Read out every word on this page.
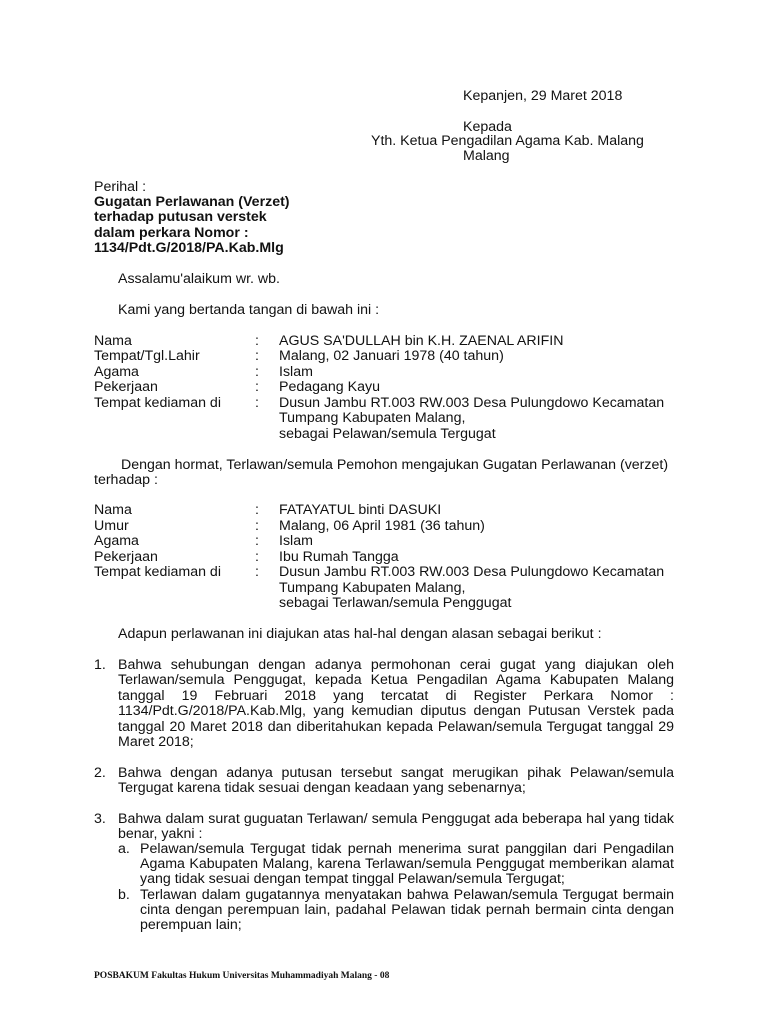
Kepanjen, 29 Maret 2018
Kepada
Yth. Ketua Pengadilan Agama Kab. Malang
Malang
Perihal :
Gugatan Perlawanan (Verzet)
terhadap putusan verstek
dalam perkara Nomor :
1134/Pdt.G/2018/PA.Kab.Mlg
Assalamu'alaikum wr. wb.
Kami yang bertanda tangan di bawah ini :
Nama	: AGUS SA'DULLAH bin K.H. ZAENAL ARIFIN
Tempat/Tgl.Lahir	: Malang, 02 Januari 1978 (40 tahun)
Agama	: Islam
Pekerjaan	: Pedagang Kayu
Tempat kediaman di : Dusun Jambu RT.003 RW.003 Desa Pulungdowo Kecamatan
Tumpang Kabupaten Malang,
sebagai Pelawan/semula Tergugat
Dengan hormat, Terlawan/semula Pemohon mengajukan Gugatan Perlawanan (verzet)
terhadap :
Nama	: FATAYATUL binti DASUKI
Umur	: Malang, 06 April 1981 (36 tahun)
Agama	: Islam
Pekerjaan	: Ibu Rumah Tangga
Tempat kediaman di : Dusun Jambu RT.003 RW.003 Desa Pulungdowo Kecamatan
Tumpang Kabupaten Malang,
sebagai Terlawan/semula Penggugat
Adapun perlawanan ini diajukan atas hal-hal dengan alasan sebagai berikut :
1. Bahwa sehubungan dengan adanya permohonan cerai gugat yang diajukan oleh
Terlawan/semula Penggugat, kepada Ketua Pengadilan Agama Kabupaten Malang
tanggal 19 Februari 2018 yang tercatat di Register Perkara Nomor :
1134/Pdt.G/2018/PA.Kab.Mlg, yang kemudian diputus dengan Putusan Verstek pada
tanggal 20 Maret 2018 dan diberitahukan kepada Pelawan/semula Tergugat tanggal 29
Maret 2018;
2. Bahwa dengan adanya putusan tersebut sangat merugikan pihak Pelawan/semula
Tergugat karena tidak sesuai dengan keadaan yang sebenarnya;
3. Bahwa dalam surat guguatan Terlawan/ semula Penggugat ada beberapa hal yang tidak
benar, yakni :
a. Pelawan/semula Tergugat tidak pernah menerima surat panggilan dari Pengadilan
Agama Kabupaten Malang, karena Terlawan/semula Penggugat memberikan alamat
yang tidak sesuai dengan tempat tinggal Pelawan/semula Tergugat;
b. Terlawan dalam gugatannya menyatakan bahwa Pelawan/semula Tergugat bermain
cinta dengan perempuan lain, padahal Pelawan tidak pernah bermain cinta dengan
perempuan lain;
POSBAKUM Fakultas Hukum Universitas Muhammadiyah Malang - 08
